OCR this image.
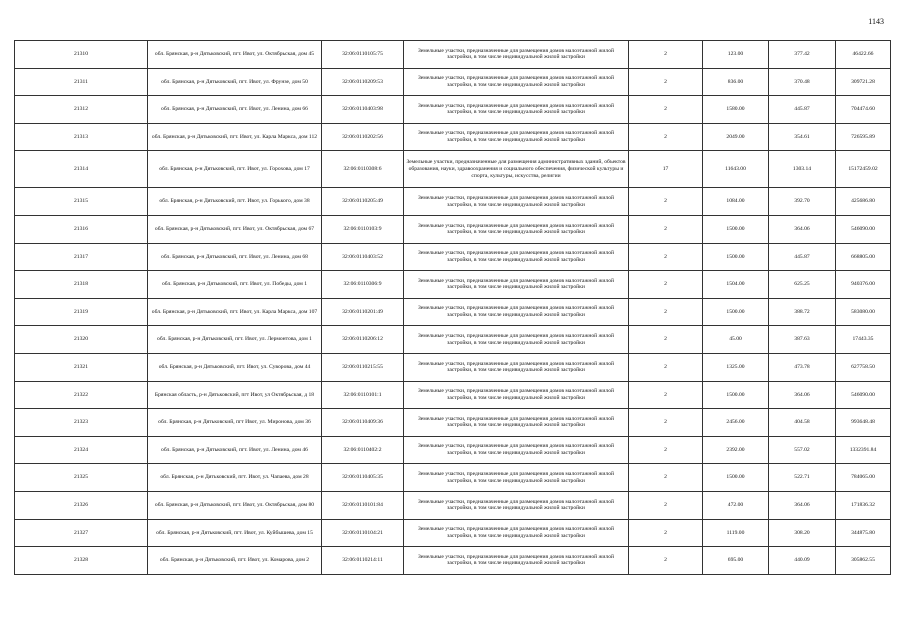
1143
21310	обл. Брянская, р-н Дятьковский, пгт. Ивот, ул. Октябрьская, дом 45	32:06:0110105:75	Земельные участки, предназначенные для размещения домов малоэтажной жилой застройки, в том числе индивидуальной жилой застройки	2	123.00	377.42	46422.66
21311	обл. Брянская, р-н Дятьковский, пгт. Ивот, ул. Фрунзе, дом 50	32:06:0110209:53	Земельные участки, предназначенные для размещения домов малоэтажной жилой застройки, в том числе индивидуальной жилой застройки	2	836.00	370.48	309721.28
21312	обл. Брянская, р-н Дятьковский, пгт. Ивот, ул. Ленина, дом 66	32:06:0110403:98	Земельные участки, предназначенные для размещения домов малоэтажной жилой застройки, в том числе индивидуальной жилой застройки	2	1580.00	445.87	704474.60
21313	обл. Брянская, р-н Дятьковский, пгт. Ивот, ул. Карла Маркса, дом 112	32:06:0110202:56	Земельные участки, предназначенные для размещения домов малоэтажной жилой застройки, в том числе индивидуальной жилой застройки	2	2049.00	354.61	726595.89
21314	обл. Брянская, р-н Дятьковский, пгт. Ивот, ул. Горохова, дом 17	32:06:0110308:6	Земельные участки, предназначенные для размещения административных зданий, объектов образования, науки, здравоохранения и социального обеспечения, физической культуры и спорта, культуры, искусства, религии	17	11643.00	1303.14	15172459.02
21315	обл. Брянская, р-н Дятьковский, пгт. Ивот, ул. Горького, дом 38	32:06:0110205:49	Земельные участки, предназначенные для размещения домов малоэтажной жилой застройки, в том числе индивидуальной жилой застройки	2	1084.00	392.70	425686.80
21316	обл. Брянская, р-н Дятьковский, пгт. Ивот, ул. Октябрьская, дом 67	32:06:0110103:9	Земельные участки, предназначенные для размещения домов малоэтажной жилой застройки, в том числе индивидуальной жилой застройки	2	1500.00	364.06	546090.00
21317	обл. Брянская, р-н Дятьковский, пгт. Ивот, ул. Ленина, дом 68	32:06:0110403:52	Земельные участки, предназначенные для размещения домов малоэтажной жилой застройки, в том числе индивидуальной жилой застройки	2	1500.00	445.87	668805.00
21318	обл. Брянская, р-н Дятьковский, пгт. Ивот, ул. Победы, дом 1	32:06:0110306:9	Земельные участки, предназначенные для размещения домов малоэтажной жилой застройки, в том числе индивидуальной жилой застройки	2	1504.00	625.25	940376.00
21319	обл. Брянская, р-н Дятьковский, пгт. Ивот, ул. Карла Маркса, дом 107	32:06:0110201:49	Земельные участки, предназначенные для размещения домов малоэтажной жилой застройки, в том числе индивидуальной жилой застройки	2	1500.00	388.72	583080.00
21320	обл. Брянская, р-н Дятьковский, пгт. Ивот, ул. Лермонтова, дом 1	32:06:0110206:12	Земельные участки, предназначенные для размещения домов малоэтажной жилой застройки, в том числе индивидуальной жилой застройки	2	45.00	387.63	17443.35
21321	обл. Брянская, р-н Дятьковский, пгт. Ивот, ул. Суворова, дом 44	32:06:0110215:55	Земельные участки, предназначенные для размещения домов малоэтажной жилой застройки, в том числе индивидуальной жилой застройки	2	1325.00	473.78	627758.50
21322	Брянская область, р-н Дятьковский, пгт Ивот, ул Октябрьская, д 18	32:06:0110101:1	Земельные участки, предназначенные для размещения домов малоэтажной жилой застройки, в том числе индивидуальной жилой застройки	2	1500.00	364.06	546090.00
21323	обл. Брянская, р-н Дятьковский, пгт Ивот, ул. Мироновa, дом 36	32:06:0110409:36	Земельные участки, предназначенные для размещения домов малоэтажной жилой застройки, в том числе индивидуальной жилой застройки	2	2456.00	404.58	993648.48
21324	обл. Брянская, р-н Дятьковский, пгт. Ивот, ул. Ленина, дом 46	32:06:0110402:2	Земельные участки, предназначенные для размещения домов малоэтажной жилой застройки, в том числе индивидуальной жилой застройки	2	2392.00	557.02	1332391.84
21325	обл. Брянская, р-н Дятьковский, пгт. Ивот, ул. Чапаева, дом 28	32:06:0110405:35	Земельные участки, предназначенные для размещения домов малоэтажной жилой застройки, в том числе индивидуальной жилой застройки	2	1500.00	522.71	784065.00
21326	обл. Брянская, р-н Дятьковский, пгт. Ивот, ул. Октябрьская, дом 80	32:06:0110101:84	Земельные участки, предназначенные для размещения домов малоэтажной жилой застройки, в том числе индивидуальной жилой застройки	2	472.00	364.06	171836.32
21327	обл. Брянская, р-н Дятьковский, пгт. Ивот, ул. Куйбышева, дом 15	32:06:0110104:21	Земельные участки, предназначенные для размещения домов малоэтажной жилой застройки, в том числе индивидуальной жилой застройки	2	1119.00	308.20	344875.80
21328	обл. Брянская, р-н Дятьковский, пгт. Ивот, ул. Комарова, дом 2	32:06:0110214:11	Земельные участки, предназначенные для размещения домов малоэтажной жилой застройки, в том числе индивидуальной жилой застройки	2	695.00	440.09	305862.55
